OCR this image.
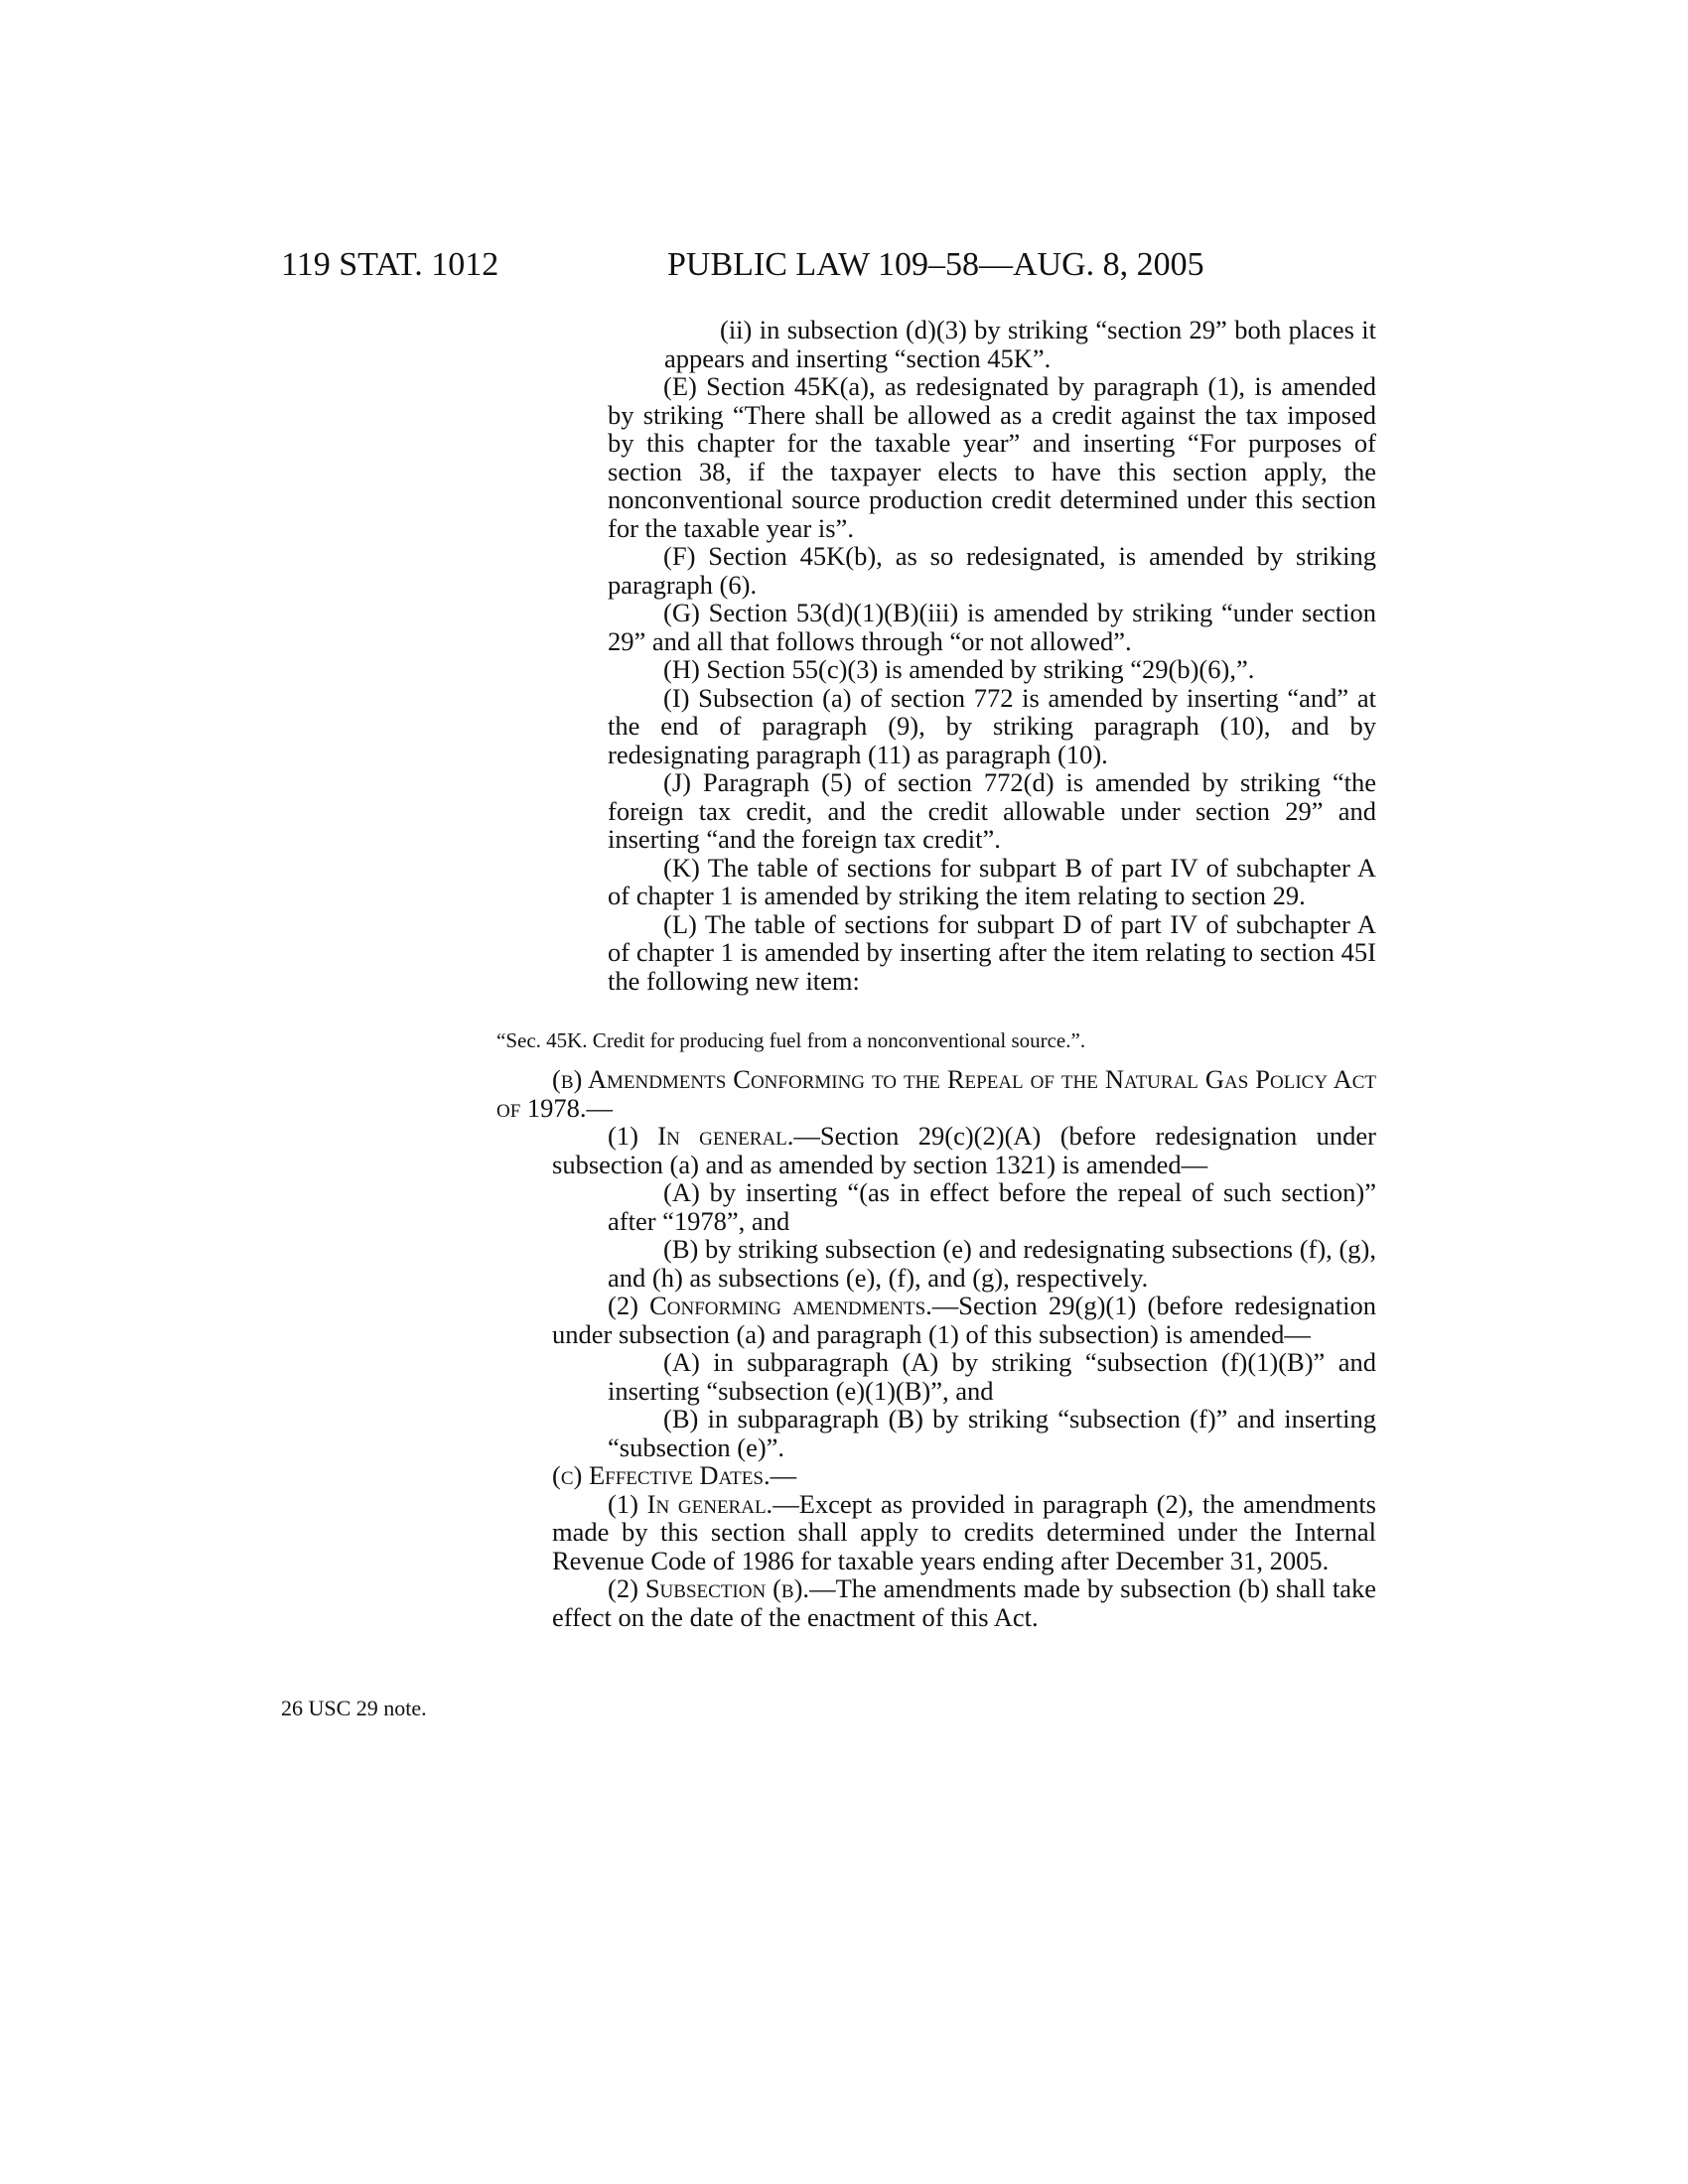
119 STAT. 1012	PUBLIC LAW 109–58—AUG. 8, 2005
26 USC 29 note.

(ii) in subsection (d)(3) by striking “section 29” both places it appears and inserting “section 45K”.

(E) Section 45K(a), as redesignated by paragraph (1), is amended by striking “There shall be allowed as a credit against the tax imposed by this chapter for the taxable year” and inserting “For purposes of section 38, if the taxpayer elects to have this section apply, the nonconventional source production credit determined under this section for the taxable year is”.

(F) Section 45K(b), as so redesignated, is amended by striking paragraph (6).

(G) Section 53(d)(1)(B)(iii) is amended by striking “under section 29” and all that follows through “or not allowed”.

(H) Section 55(c)(3) is amended by striking “29(b)(6),”.

(I) Subsection (a) of section 772 is amended by inserting “and” at the end of paragraph (9), by striking paragraph (10), and by redesignating paragraph (11) as paragraph (10).

(J) Paragraph (5) of section 772(d) is amended by striking “the foreign tax credit, and the credit allowable under section 29” and inserting “and the foreign tax credit”.

(K) The table of sections for subpart B of part IV of subchapter A of chapter 1 is amended by striking the item relating to section 29.

(L) The table of sections for subpart D of part IV of subchapter A of chapter 1 is amended by inserting after the item relating to section 45I the following new item:

“Sec. 45K. Credit for producing fuel from a nonconventional source.”.

(b) Amendments Conforming to the Repeal of the Natural Gas Policy Act of 1978.—

(1) In general.—Section 29(c)(2)(A) (before redesignation under subsection (a) and as amended by section 1321) is amended—

(A) by inserting “(as in effect before the repeal of such section)” after “1978”, and

(B) by striking subsection (e) and redesignating subsections (f), (g), and (h) as subsections (e), (f), and (g), respectively.

(2) Conforming amendments.—Section 29(g)(1) (before redesignation under subsection (a) and paragraph (1) of this subsection) is amended—

(A) in subparagraph (A) by striking “subsection (f)(1)(B)” and inserting “subsection (e)(1)(B)”, and

(B) in subparagraph (B) by striking “subsection (f)” and inserting “subsection (e)”.

(c) Effective Dates.—

(1) In general.—Except as provided in paragraph (2), the amendments made by this section shall apply to credits determined under the Internal Revenue Code of 1986 for taxable years ending after December 31, 2005.

(2) Subsection (b).—The amendments made by subsection (b) shall take effect on the date of the enactment of this Act.
